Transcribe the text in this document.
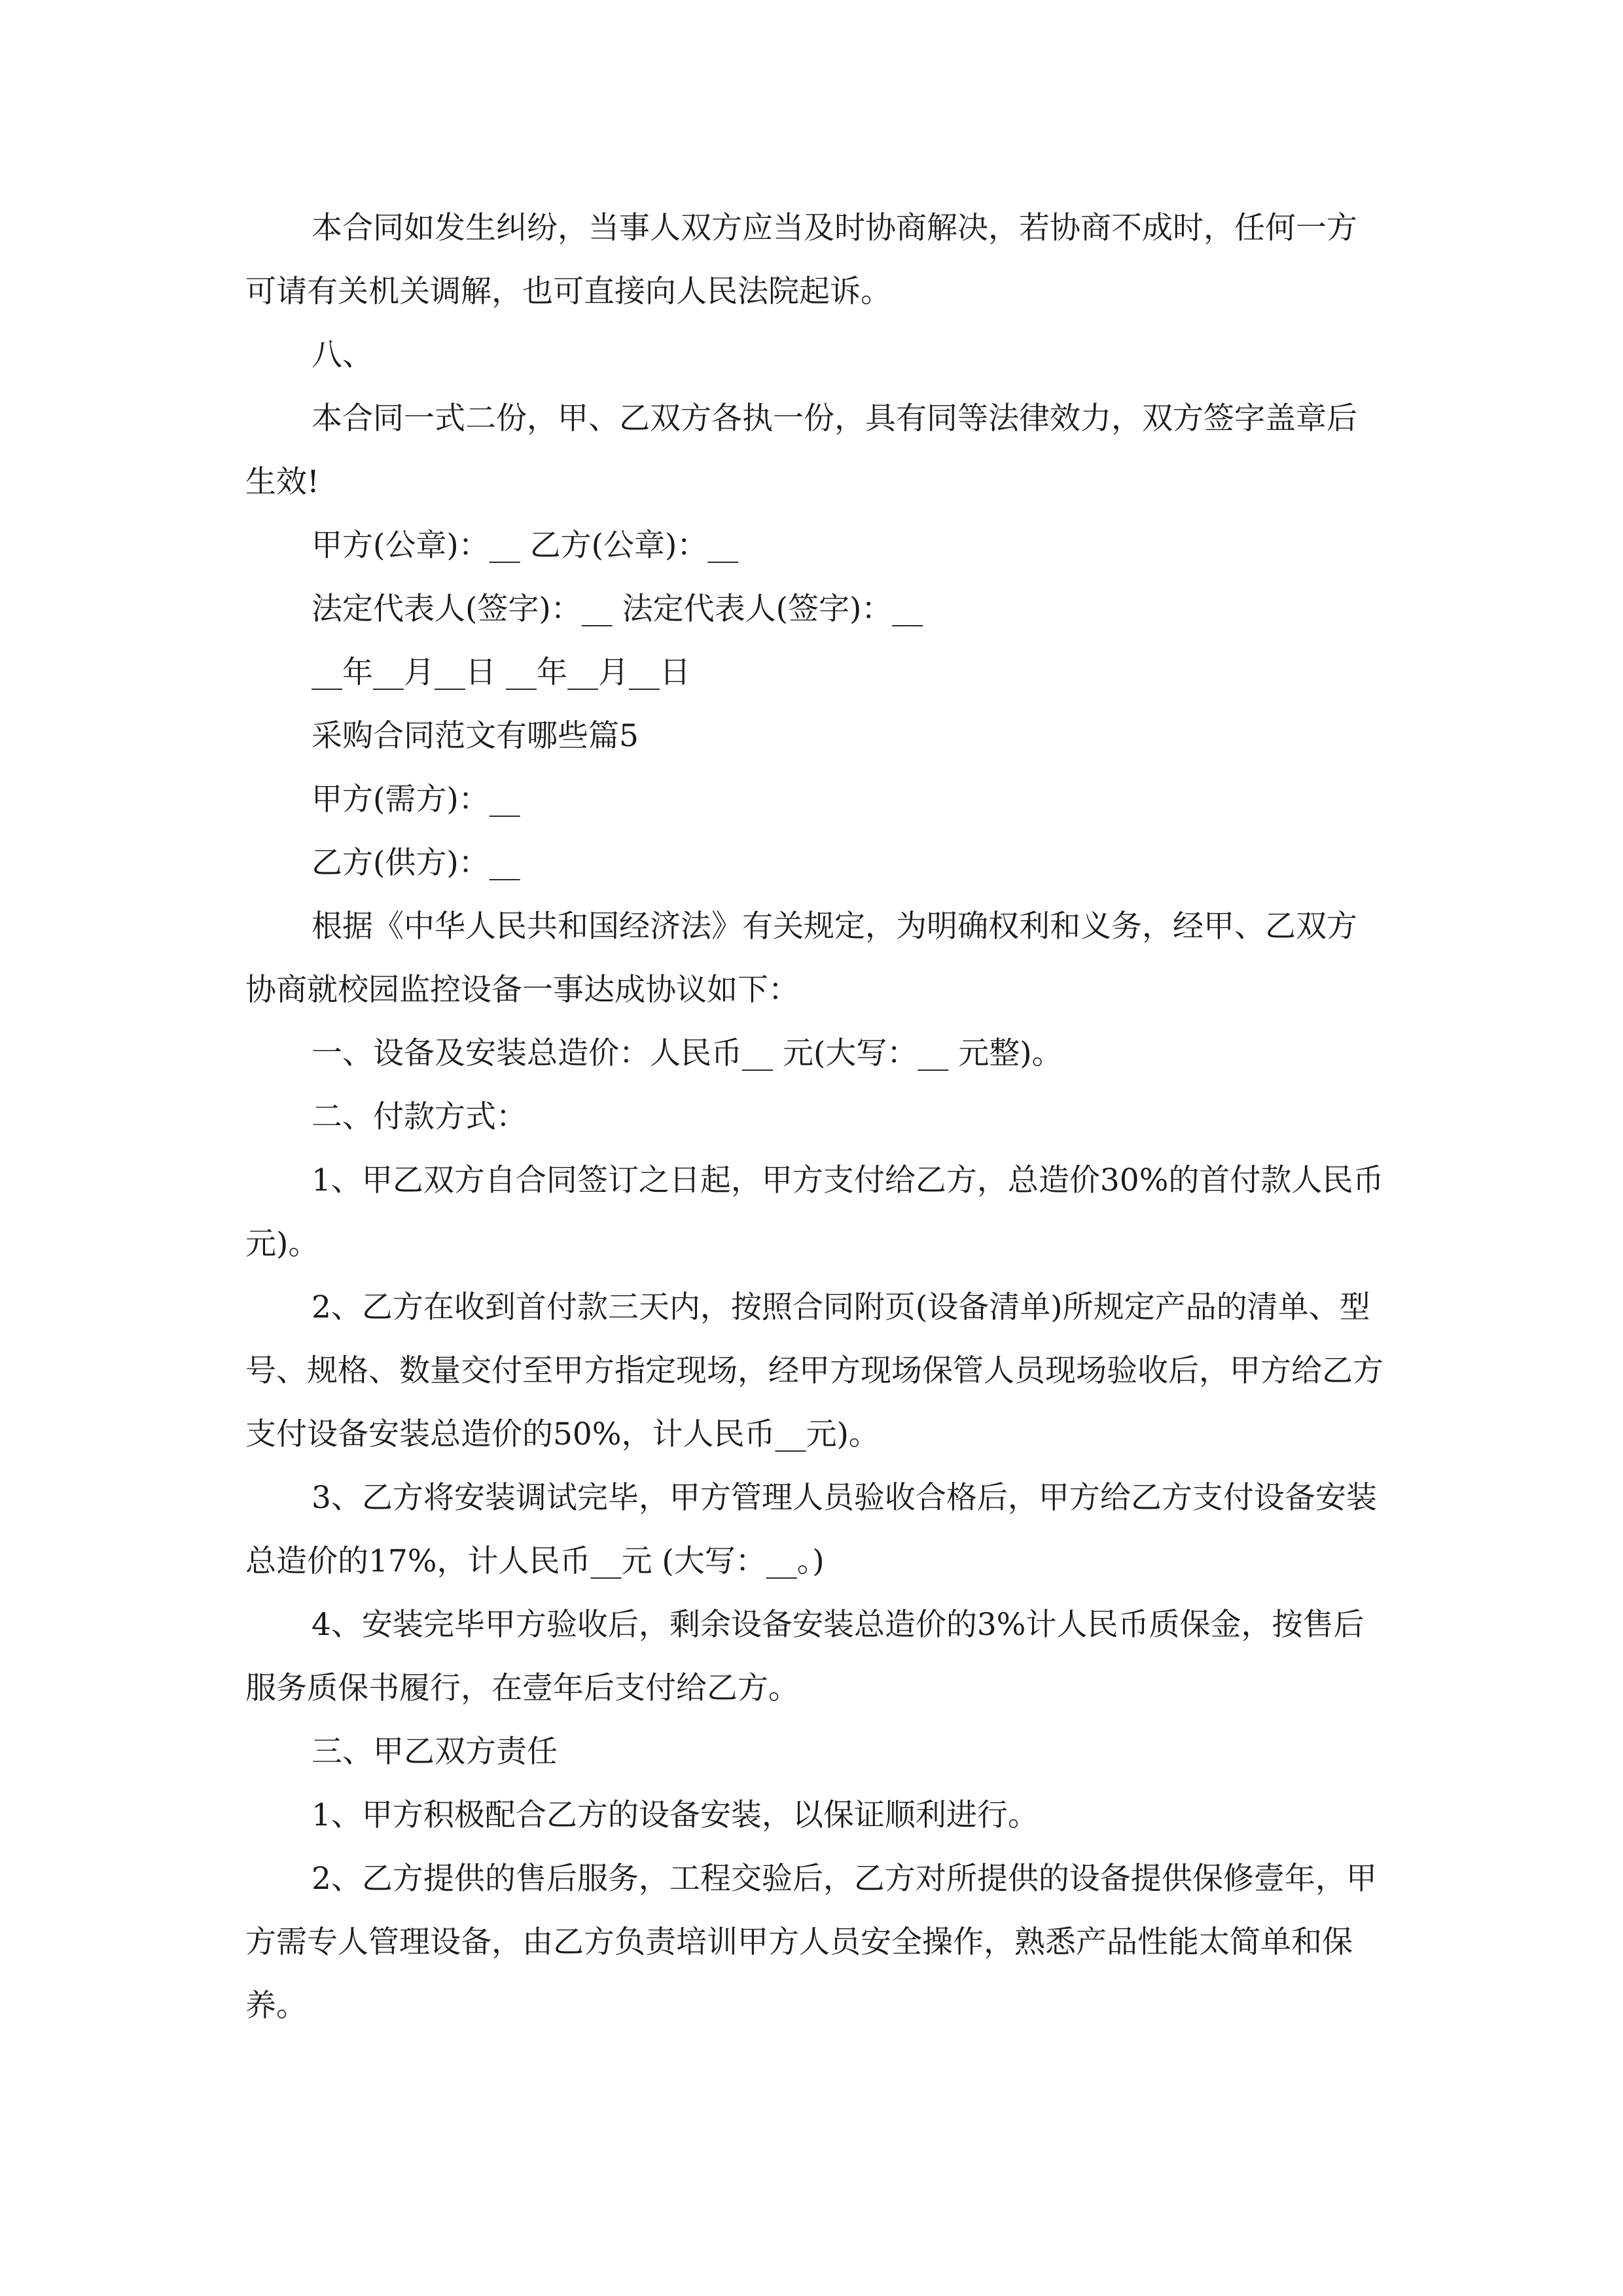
本合同如发生纠纷，当事人双方应当及时协商解决，若协商不成时，任何一方可请有关机关调解，也可直接向人民法院起诉。

八、

本合同一式二份，甲、乙双方各执一份，具有同等法律效力，双方签字盖章后生效!

甲方(公章)：__ 乙方(公章)：__

法定代表人(签字)：__ 法定代表人(签字)：__

__年__月__日 __年__月__日

采购合同范文有哪些篇5

甲方(需方)：__

乙方(供方)：__

根据《中华人民共和国经济法》有关规定，为明确权利和义务，经甲、乙双方协商就校园监控设备一事达成协议如下：

一、设备及安装总造价：人民币__ 元(大写：__ 元整)。

二、付款方式：

1、甲乙双方自合同签订之日起，甲方支付给乙方，总造价30%的首付款人民币元)。

2、乙方在收到首付款三天内，按照合同附页(设备清单)所规定产品的清单、型号、规格、数量交付至甲方指定现场，经甲方现场保管人员现场验收后，甲方给乙方支付设备安装总造价的50%，计人民币__元)。

3、乙方将安装调试完毕，甲方管理人员验收合格后，甲方给乙方支付设备安装总造价的17%，计人民币__元 (大写：__。)

4、安装完毕甲方验收后，剩余设备安装总造价的3%计人民币质保金，按售后服务质保书履行，在壹年后支付给乙方。

三、甲乙双方责任

1、甲方积极配合乙方的设备安装，以保证顺利进行。

2、乙方提供的售后服务，工程交验后，乙方对所提供的设备提供保修壹年，甲方需专人管理设备，由乙方负责培训甲方人员安全操作，熟悉产品性能太简单和保养。
